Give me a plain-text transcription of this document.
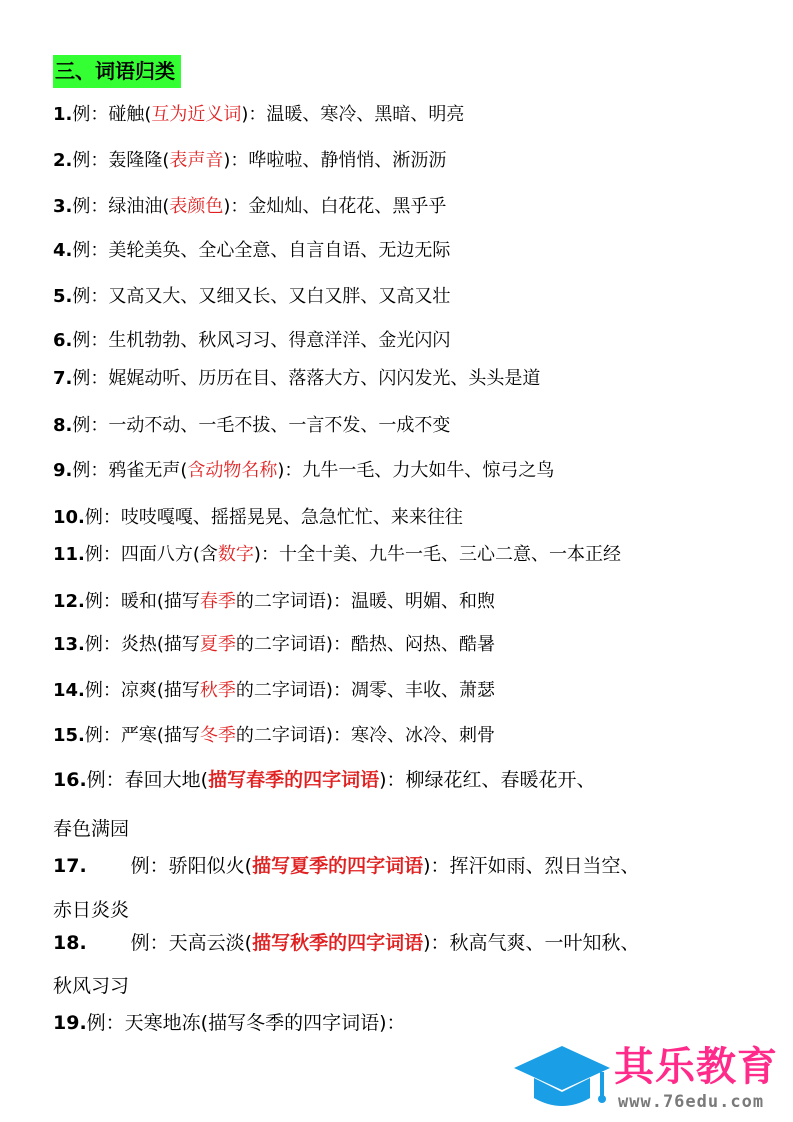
三、词语归类
1.例：碰触(互为近义词)：温暖、寒冷、黑暗、明亮
2.例：轰隆隆(表声音)：哗啦啦、静悄悄、淅沥沥
3.例：绿油油(表颜色)：金灿灿、白花花、黑乎乎
4.例：美轮美奂、全心全意、自言自语、无边无际
5.例：又高又大、又细又长、又白又胖、又高又壮
6.例：生机勃勃、秋风习习、得意洋洋、金光闪闪
7.例：娓娓动听、历历在目、落落大方、闪闪发光、头头是道
8.例：一动不动、一毛不拔、一言不发、一成不变
9.例：鸦雀无声(含动物名称)：九牛一毛、力大如牛、惊弓之鸟
10.例：吱吱嘎嘎、摇摇晃晃、急急忙忙、来来往往
11.例：四面八方(含数字)：十全十美、九牛一毛、三心二意、一本正经
12.例：暖和(描写春季的二字词语)：温暖、明媚、和煦
13.例：炎热(描写夏季的二字词语)：酷热、闷热、酷暑
14.例：凉爽(描写秋季的二字词语)：凋零、丰收、萧瑟
15.例：严寒(描写冬季的二字词语)：寒冷、冰冷、刺骨
16.例：春回大地(描写春季的四字词语)：柳绿花红、春暖花开、
春色满园
17. 例：骄阳似火(描写夏季的四字词语)：挥汗如雨、烈日当空、
赤日炎炎
18. 例：天高云淡(描写秋季的四字词语)：秋高气爽、一叶知秋、
秋风习习
19.例：天寒地冻(描写冬季的四字词语)：
其乐教育
www.76edu.com
